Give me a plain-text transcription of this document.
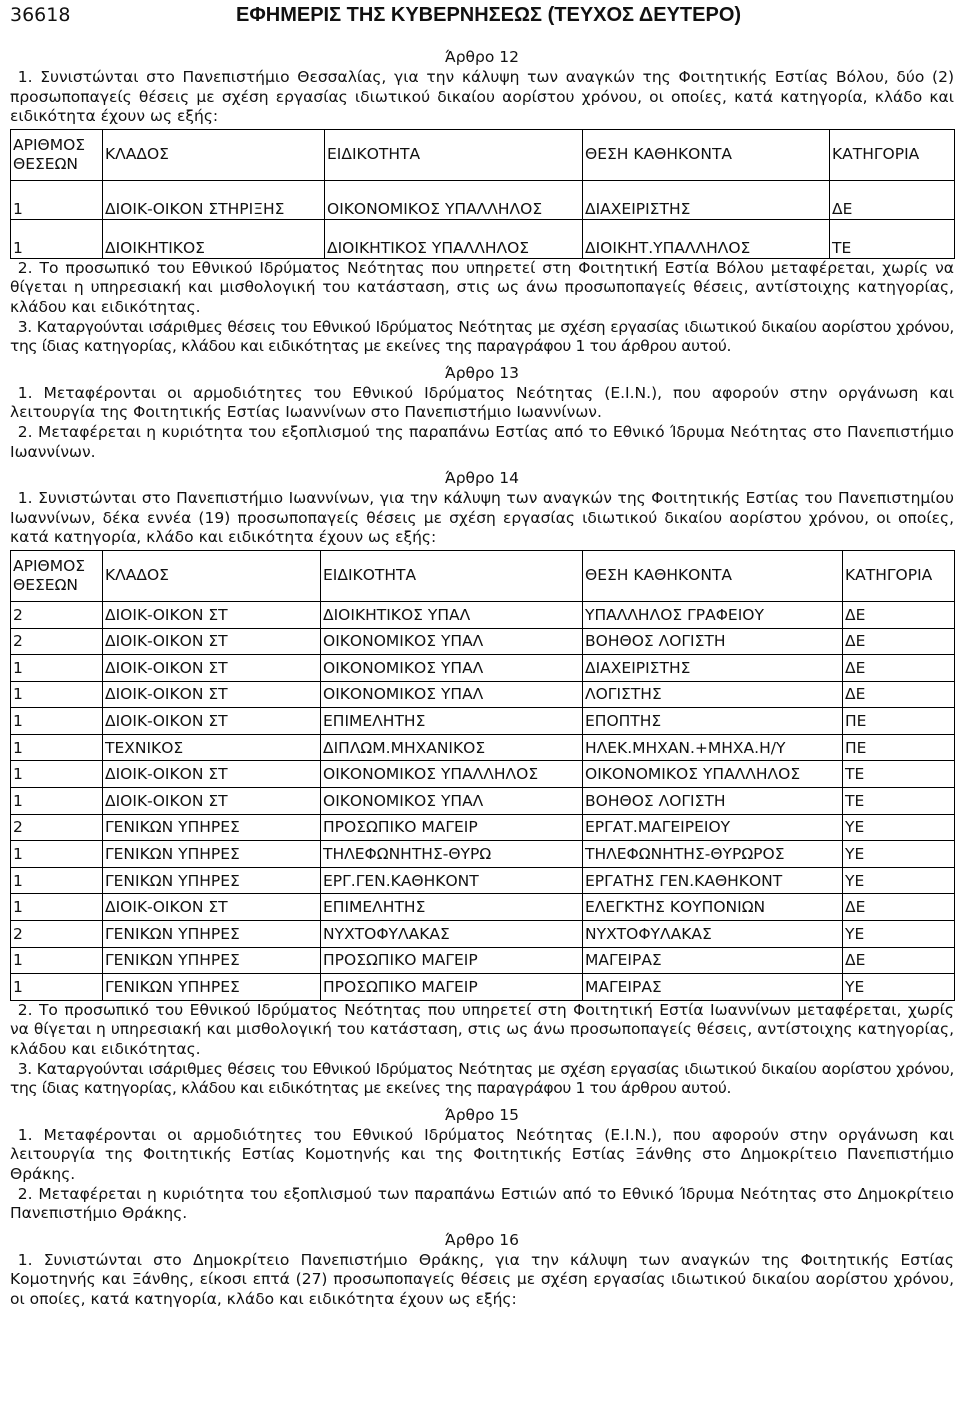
36618	ΕΦΗΜΕΡΙΣ ΤΗΣ ΚΥΒΕΡΝΗΣΕΩΣ (ΤΕΥΧΟΣ ΔΕΥΤΕΡΟ)
Άρθρο 12

1. Συνιστώνται στο Πανεπιστήμιο Θεσσαλίας, για την κάλυψη των αναγκών της Φοιτητικής Εστίας Βόλου, δύο (2) προσωποπαγείς θέσεις με σχέση εργασίας ιδιωτικού δικαίου αορίστου χρόνου, οι οποίες, κατά κατηγορία, κλάδο και ειδικότητα έχουν ως εξής:

ΑΡΙΘΜΟΣ ΘΕΣΕΩΝ	ΚΛΑΔΟΣ	ΕΙΔΙΚΟΤΗΤΑ	ΘΕΣΗ ΚΑΘΗΚΟΝΤΑ	ΚΑΤΗΓΟΡΙΑ
1	ΔΙΟΙΚ-ΟΙΚΟΝ ΣΤΗΡΙΞΗΣ	ΟΙΚΟΝΟΜΙΚΟΣ ΥΠΑΛΛΗΛΟΣ	ΔΙΑΧΕΙΡΙΣΤΗΣ	ΔΕ
1	ΔΙΟΙΚΗΤΙΚΟΣ	ΔΙΟΙΚΗΤΙΚΟΣ ΥΠΑΛΛΗΛΟΣ	ΔΙΟΙΚΗΤ.ΥΠΑΛΛΗΛΟΣ	ΤΕ

2. Το προσωπικό του Εθνικού Ιδρύματος Νεότητας που υπηρετεί στη Φοιτητική Εστία Βόλου μεταφέρεται, χωρίς να θίγεται η υπηρεσιακή και μισθολογική του κατάσταση, στις ως άνω προσωποπαγείς θέσεις, αντίστοιχης κατηγορίας, κλάδου και ειδικότητας.

3. Καταργούνται ισάριθμες θέσεις του Εθνικού Ιδρύματος Νεότητας με σχέση εργασίας ιδιωτικού δικαίου αορίστου χρόνου, της ίδιας κατηγορίας, κλάδου και ειδικότητας με εκείνες της παραγράφου 1 του άρθρου αυτού.

Άρθρο 13

1. Μεταφέρονται οι αρμοδιότητες του Εθνικού Ιδρύματος Νεότητας (Ε.Ι.Ν.), που αφορούν στην οργάνωση και λειτουργία της Φοιτητικής Εστίας Ιωαννίνων στο Πανεπιστήμιο Ιωαννίνων.

2. Μεταφέρεται η κυριότητα του εξοπλισμού της παραπάνω Εστίας από το Εθνικό Ίδρυμα Νεότητας στο Πανεπιστήμιο Ιωαννίνων.

Άρθρο 14

1. Συνιστώνται στο Πανεπιστήμιο Ιωαννίνων, για την κάλυψη των αναγκών της Φοιτητικής Εστίας του Πανεπιστημίου Ιωαννίνων, δέκα εννέα (19) προσωποπαγείς θέσεις με σχέση εργασίας ιδιωτικού δικαίου αορίστου χρόνου, οι οποίες, κατά κατηγορία, κλάδο και ειδικότητα έχουν ως εξής:

ΑΡΙΘΜΟΣ ΘΕΣΕΩΝ	ΚΛΑΔΟΣ	ΕΙΔΙΚΟΤΗΤΑ	ΘΕΣΗ ΚΑΘΗΚΟΝΤΑ	ΚΑΤΗΓΟΡΙΑ
2	ΔΙΟΙΚ-ΟΙΚΟΝ ΣΤ	ΔΙΟΙΚΗΤΙΚΟΣ ΥΠΑΛ	ΥΠΑΛΛΗΛΟΣ ΓΡΑΦΕΙΟΥ	ΔΕ
2	ΔΙΟΙΚ-ΟΙΚΟΝ ΣΤ	ΟΙΚΟΝΟΜΙΚΟΣ ΥΠΑΛ	ΒΟΗΘΟΣ ΛΟΓΙΣΤΗ	ΔΕ
1	ΔΙΟΙΚ-ΟΙΚΟΝ ΣΤ	ΟΙΚΟΝΟΜΙΚΟΣ ΥΠΑΛ	ΔΙΑΧΕΙΡΙΣΤΗΣ	ΔΕ
1	ΔΙΟΙΚ-ΟΙΚΟΝ ΣΤ	ΟΙΚΟΝΟΜΙΚΟΣ ΥΠΑΛ	ΛΟΓΙΣΤΗΣ	ΔΕ
1	ΔΙΟΙΚ-ΟΙΚΟΝ ΣΤ	ΕΠΙΜΕΛΗΤΗΣ	ΕΠΟΠΤΗΣ	ΠΕ
1	ΤΕΧΝΙΚΟΣ	ΔΙΠΛΩΜ.ΜΗΧΑΝΙΚΟΣ	ΗΛΕΚ.ΜΗΧΑΝ.+ΜΗΧΑ.Η/Υ	ΠΕ
1	ΔΙΟΙΚ-ΟΙΚΟΝ ΣΤ	ΟΙΚΟΝΟΜΙΚΟΣ ΥΠΑΛΛΗΛΟΣ	ΟΙΚΟΝΟΜΙΚΟΣ ΥΠΑΛΛΗΛΟΣ	ΤΕ
1	ΔΙΟΙΚ-ΟΙΚΟΝ ΣΤ	ΟΙΚΟΝΟΜΙΚΟΣ ΥΠΑΛ	ΒΟΗΘΟΣ ΛΟΓΙΣΤΗ	ΤΕ
2	ΓΕΝΙΚΩΝ ΥΠΗΡΕΣ	ΠΡΟΣΩΠΙΚΟ ΜΑΓΕΙΡ	ΕΡΓΑΤ.ΜΑΓΕΙΡΕΙΟΥ	ΥΕ
1	ΓΕΝΙΚΩΝ ΥΠΗΡΕΣ	ΤΗΛΕΦΩΝΗΤΗΣ-ΘΥΡΩ	ΤΗΛΕΦΩΝΗΤΗΣ-ΘΥΡΩΡΟΣ	ΥΕ
1	ΓΕΝΙΚΩΝ ΥΠΗΡΕΣ	ΕΡΓ.ΓΕΝ.ΚΑΘΗΚΟΝΤ	ΕΡΓΑΤΗΣ ΓΕΝ.ΚΑΘΗΚΟΝΤ	ΥΕ
1	ΔΙΟΙΚ-ΟΙΚΟΝ ΣΤ	ΕΠΙΜΕΛΗΤΗΣ	ΕΛΕΓΚΤΗΣ ΚΟΥΠΟΝΙΩΝ	ΔΕ
2	ΓΕΝΙΚΩΝ ΥΠΗΡΕΣ	ΝΥΧΤΟΦΥΛΑΚΑΣ	ΝΥΧΤΟΦΥΛΑΚΑΣ	ΥΕ
1	ΓΕΝΙΚΩΝ ΥΠΗΡΕΣ	ΠΡΟΣΩΠΙΚΟ ΜΑΓΕΙΡ	ΜΑΓΕΙΡΑΣ	ΔΕ
1	ΓΕΝΙΚΩΝ ΥΠΗΡΕΣ	ΠΡΟΣΩΠΙΚΟ ΜΑΓΕΙΡ	ΜΑΓΕΙΡΑΣ	ΥΕ

2. Το προσωπικό του Εθνικού Ιδρύματος Νεότητας που υπηρετεί στη Φοιτητική Εστία Ιωαννίνων μεταφέρεται, χωρίς να θίγεται η υπηρεσιακή και μισθολογική του κατάσταση, στις ως άνω προσωποπαγείς θέσεις, αντίστοιχης κατηγορίας, κλάδου και ειδικότητας.

3. Καταργούνται ισάριθμες θέσεις του Εθνικού Ιδρύματος Νεότητας με σχέση εργασίας ιδιωτικού δικαίου αορίστου χρόνου, της ίδιας κατηγορίας, κλάδου και ειδικότητας με εκείνες της παραγράφου 1 του άρθρου αυτού.

Άρθρο 15

1. Μεταφέρονται οι αρμοδιότητες του Εθνικού Ιδρύματος Νεότητας (Ε.Ι.Ν.), που αφορούν στην οργάνωση και λειτουργία της Φοιτητικής Εστίας Κομοτηνής και της Φοιτητικής Εστίας Ξάνθης στο Δημοκρίτειο Πανεπιστήμιο Θράκης.

2. Μεταφέρεται η κυριότητα του εξοπλισμού των παραπάνω Εστιών από το Εθνικό Ίδρυμα Νεότητας στο Δημοκρίτειο Πανεπιστήμιο Θράκης.

Άρθρο 16

1. Συνιστώνται στο Δημοκρίτειο Πανεπιστήμιο Θράκης, για την κάλυψη των αναγκών της Φοιτητικής Εστίας Κομοτηνής και Ξάνθης, είκοσι επτά (27) προσωποπαγείς θέσεις με σχέση εργασίας ιδιωτικού δικαίου αορίστου χρόνου, οι οποίες, κατά κατηγορία, κλάδο και ειδικότητα έχουν ως εξής:
